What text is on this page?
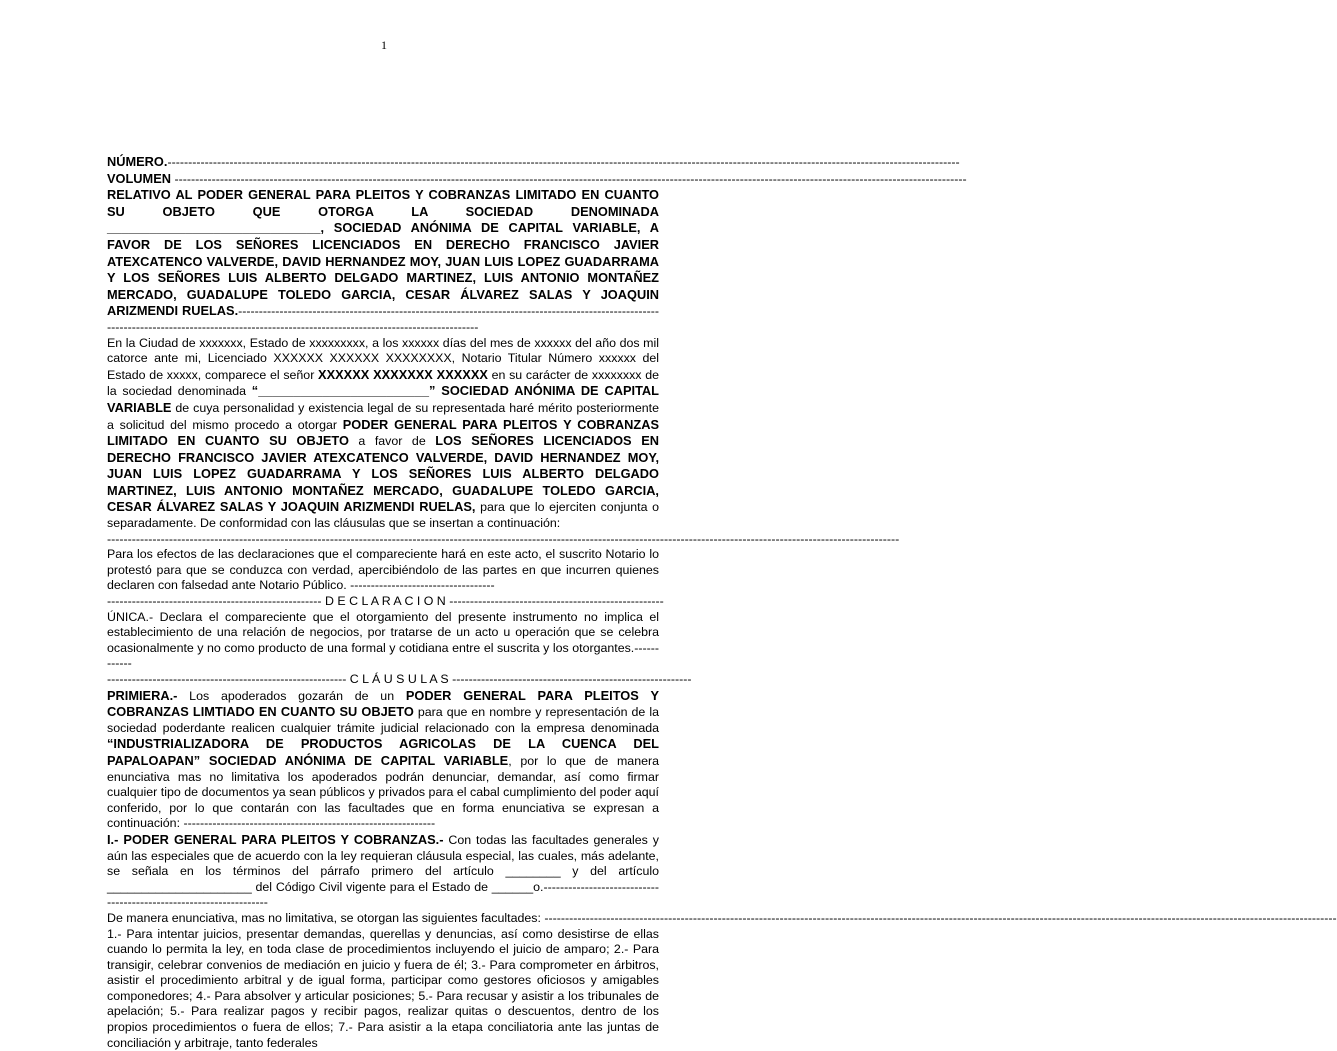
1
NÚMERO. -----
VOLUMEN -----

RELATIVO AL PODER GENERAL PARA PLEITOS Y COBRANZAS LIMITADO EN CUANTO SU OBJETO QUE OTORGA LA SOCIEDAD DENOMINADA ______________________________, SOCIEDAD ANÓNIMA DE CAPITAL VARIABLE, A FAVOR DE LOS SEÑORES LICENCIADOS EN DERECHO FRANCISCO JAVIER ATEXCATENCO VALVERDE, DAVID HERNANDEZ MOY, JUAN LUIS LOPEZ GUADARRAMA Y LOS SEÑORES LUIS ALBERTO DELGADO MARTINEZ, LUIS ANTONIO MONTAÑEZ MERCADO, GUADALUPE TOLEDO GARCIA, CESAR ÁLVAREZ SALAS Y JOAQUIN ARIZMENDI RUELAS. -----

En la Ciudad de xxxxxxx, Estado de xxxxxxxxx, a los xxxxxx días del mes de xxxxxx del año dos mil catorce ante mi, Licenciado XXXXXX XXXXXX XXXXXXXX, Notario Titular Número xxxxxx del Estado de xxxxx, comparece el señor XXXXXX XXXXXXX XXXXXX en su carácter de xxxxxxxx de la sociedad denominada “________________________” SOCIEDAD ANÓNIMA DE CAPITAL VARIABLE de cuya personalidad y existencia legal de su representada haré mérito posteriormente a solicitud del mismo procedo a otorgar PODER GENERAL PARA PLEITOS Y COBRANZAS LIMITADO EN CUANTO SU OBJETO a favor de LOS SEÑORES LICENCIADOS EN DERECHO FRANCISCO JAVIER ATEXCATENCO VALVERDE, DAVID HERNANDEZ MOY, JUAN LUIS LOPEZ GUADARRAMA Y LOS SEÑORES LUIS ALBERTO DELGADO MARTINEZ, LUIS ANTONIO MONTAÑEZ MERCADO, GUADALUPE TOLEDO GARCIA, CESAR ÁLVAREZ SALAS Y JOAQUIN ARIZMENDI RUELAS, para que lo ejerciten conjunta o separadamente. De conformidad con las cláusulas que se insertan a continuación:

-----

Para los efectos de las declaraciones que el compareciente hará en este acto, el suscrito Notario lo protestó para que se conduzca con verdad, apercibiéndolo de las partes en que incurren quienes declaren con falsedad ante Notario Público. -----------------------------------

---------------------------------------------------- D E C L A R A C I O N ----------------------------------------------------

ÚNICA.- Declara el compareciente que el otorgamiento del presente instrumento no implica el establecimiento de una relación de negocios, por tratarse de un acto u operación que se celebra ocasionalmente y no como producto de una formal y cotidiana entre el suscrita y los otorgantes.------------

---------------------------------------------------------- C L Á U S U L A S ----------------------------------------------------------

PRIMIERA.- Los apoderados gozarán de un PODER GENERAL PARA PLEITOS Y COBRANZAS LIMTIADO EN CUANTO SU OBJETO para que en nombre y representación de la sociedad poderdante realicen cualquier trámite judicial relacionado con la empresa denominada “INDUSTRIALIZADORA DE PRODUCTOS AGRICOLAS DE LA CUENCA DEL PAPALOAPAN” SOCIEDAD ANÓNIMA DE CAPITAL VARIABLE, por lo que de manera enunciativa mas no limitativa los apoderados podrán denunciar, demandar, así como firmar cualquier tipo de documentos ya sean públicos y privados para el cabal cumplimiento del poder aquí conferido, por lo que contarán con las facultades que en forma enunciativa se expresan a continuación: -------------------------------------------------------------

I.- PODER GENERAL PARA PLEITOS Y COBRANZAS.- Con todas las facultades generales y aún las especiales que de acuerdo con la ley requieran cláusula especial, las cuales, más adelante, se señala en los términos del párrafo primero del artículo ________ y del artículo _____________________ del Código Civil vigente para el Estado de ______o.-------------------------------------------------------------------

De manera enunciativa, mas no limitativa, se otorgan las siguientes facultades: -----

1.- Para intentar juicios, presentar demandas, querellas y denuncias, así como desistirse de ellas cuando lo permita la ley, en toda clase de procedimientos incluyendo el juicio de amparo; 2.- Para transigir, celebrar convenios de mediación en juicio y fuera de él; 3.- Para comprometer en árbitros, asistir el procedimiento arbitral y de igual forma, participar como gestores oficiosos y amigables componedores; 4.- Para absolver y articular posiciones; 5.- Para recusar y asistir a los tribunales de apelación; 5.- Para realizar pagos y recibir pagos, realizar quitas o descuentos, dentro de los propios procedimientos o fuera de ellos; 7.- Para asistir a la etapa conciliatoria ante las juntas de conciliación y arbitraje, tanto federales
